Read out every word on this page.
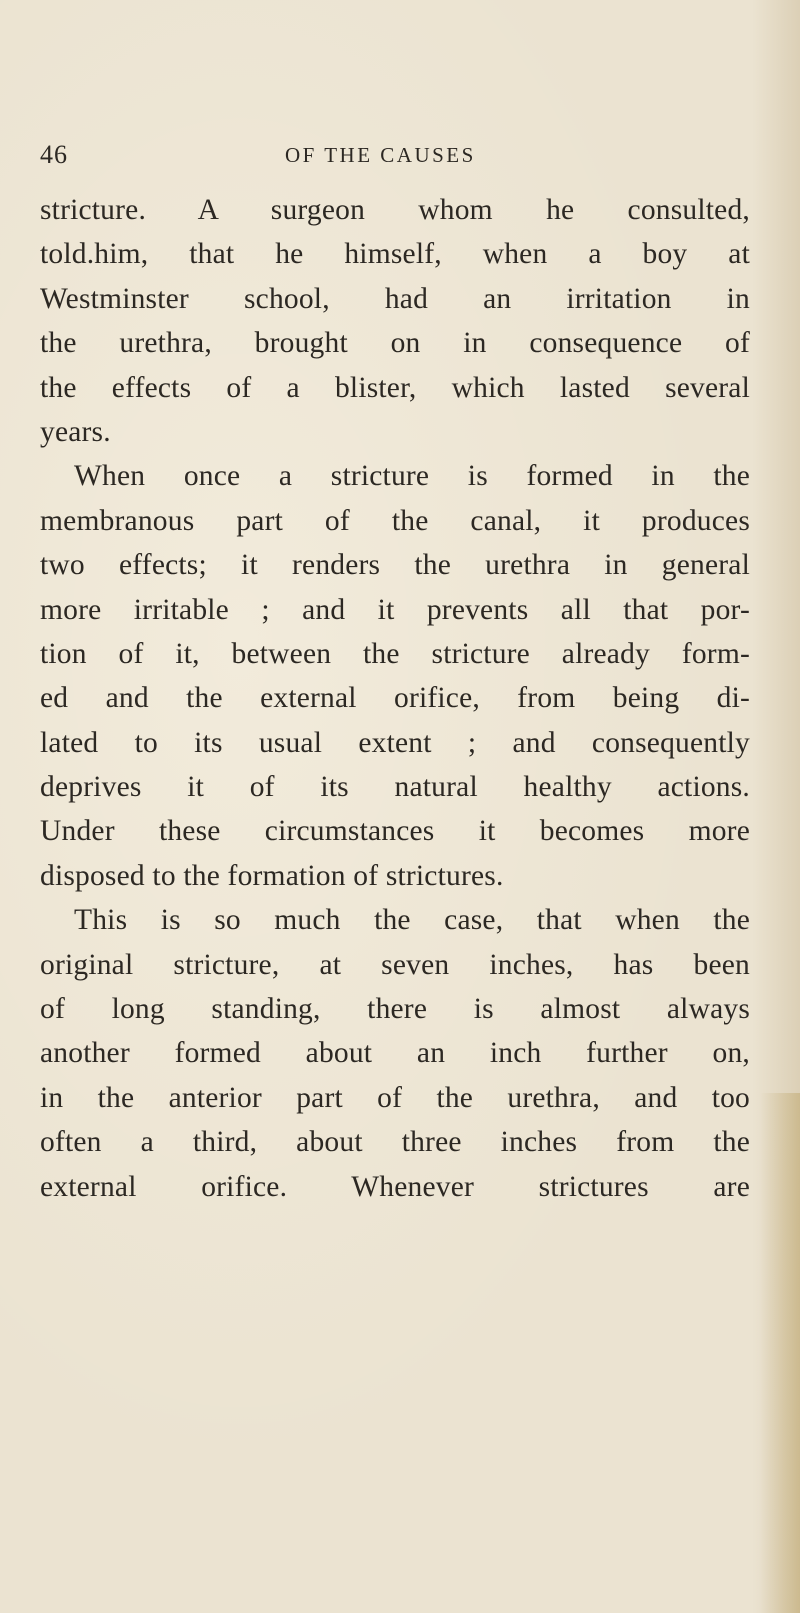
46	OF THE CAUSES
stricture. A surgeon whom he consulted,
told.him, that he himself, when a boy at
Westminster school, had an irritation in
the urethra, brought on in consequence of
the effects of a blister, which lasted several
years.
When once a stricture is formed in the
membranous part of the canal, it produces
two effects; it renders the urethra in general
more irritable ; and it prevents all that por-
tion of it, between the stricture already form-
ed and the external orifice, from being di-
lated to its usual extent ; and consequently
deprives it of its natural healthy actions.
Under these circumstances it becomes more
disposed to the formation of strictures.
This is so much the case, that when the
original stricture, at seven inches, has been
of long standing, there is almost always
another formed about an inch further on,
in the anterior part of the urethra, and too
often a third, about three inches from the
external orifice. Whenever strictures are
